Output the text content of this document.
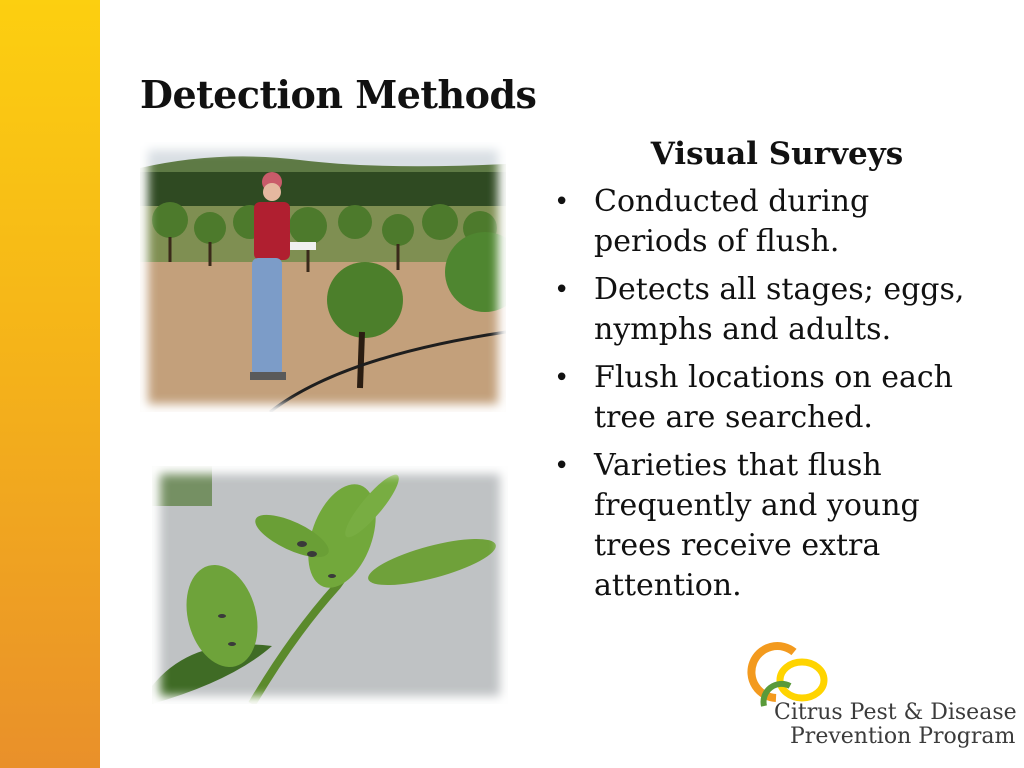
Detection Methods

Visual Surveys

• Conducted during periods of flush.
• Detects all stages; eggs, nymphs and adults.
• Flush locations on each tree are searched.
• Varieties that flush frequently and young trees receive extra attention.
Citrus Pest & Disease
Prevention Program
